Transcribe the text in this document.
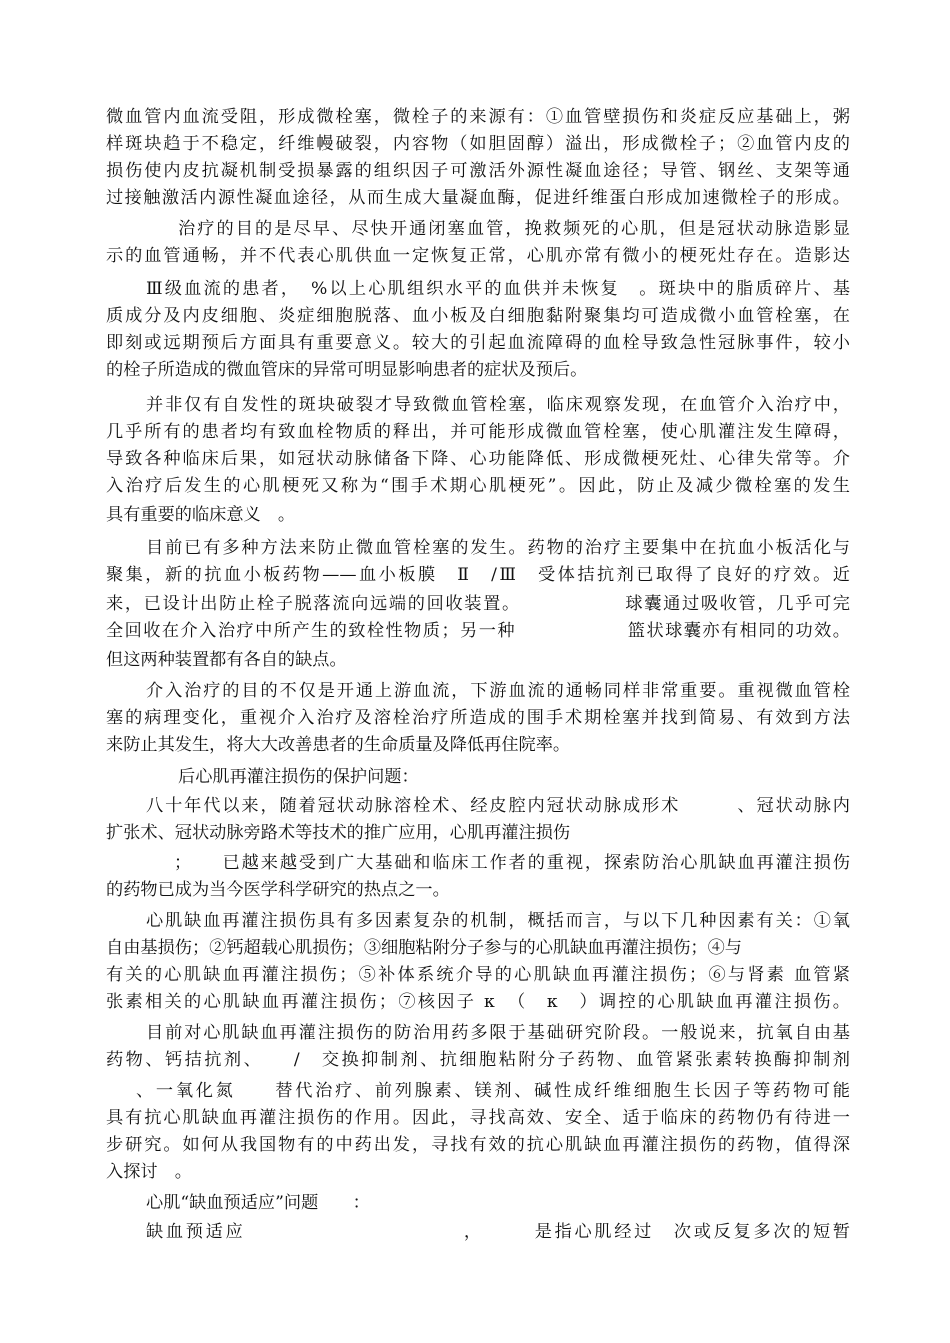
微血管内血流受阻，形成微栓塞，微栓子的来源有：①血管壁损伤和炎症反应基础上，粥
样斑块趋于不稳定，纤维幔破裂，内容物（如胆固醇）溢出，形成微栓子；②血管内皮的
损伤使内皮抗凝机制受损暴露的组织因子可激活外源性凝血途径；导管、钢丝、支架等通
过接触激活内源性凝血途径，从而生成大量凝血酶，促进纤维蛋白形成加速微栓子的形成。
治疗的目的是尽早、尽快开通闭塞血管，挽救频死的心肌，但是冠状动脉造影显
示的血管通畅，并不代表心肌供血一定恢复正常，心肌亦常有微小的梗死灶存在。造影达
Ⅲ级血流的患者，　%以上心肌组织水平的血供并未恢复　。斑块中的脂质碎片、基
质成分及内皮细胞、炎症细胞脱落、血小板及白细胞黏附聚集均可造成微小血管栓塞，在
即刻或远期预后方面具有重要意义。较大的引起血流障碍的血栓导致急性冠脉事件，较小
的栓子所造成的微血管床的异常可明显影响患者的症状及预后。
并非仅有自发性的斑块破裂才导致微血管栓塞，临床观察发现，在血管介入治疗中，
几乎所有的患者均有致血栓物质的释出，并可能形成微血管栓塞，使心肌灌注发生障碍，
导致各种临床后果，如冠状动脉储备下降、心功能降低、形成微梗死灶、心律失常等。介
入治疗后发生的心肌梗死又称为“围手术期心肌梗死”。因此，防止及减少微栓塞的发生
具有重要的临床意义　。
目前已有多种方法来防止微血管栓塞的发生。药物的治疗主要集中在抗血小板活化与
聚集，新的抗血小板药物——血小板膜　Ⅱ　/Ⅲ　受体拮抗剂已取得了良好的疗效。近
来，已设计出防止栓子脱落流向远端的回收装置。　　　　　　球囊通过吸收管，几乎可完
全回收在介入治疗中所产生的致栓性物质；另一种　　　　　　篮状球囊亦有相同的功效。
但这两种装置都有各自的缺点。
介入治疗的目的不仅是开通上游血流，下游血流的通畅同样非常重要。重视微血管栓
塞的病理变化，重视介入治疗及溶栓治疗所造成的围手术期栓塞并找到简易、有效到方法
来防止其发生，将大大改善患者的生命质量及降低再住院率。
后心肌再灌注损伤的保护问题：
八十年代以来，随着冠状动脉溶栓术、经皮腔内冠状动脉成形术　　　、冠状动脉内
扩张术、冠状动脉旁路术等技术的推广应用，心肌再灌注损伤
；　　已越来越受到广大基础和临床工作者的重视，探索防治心肌缺血再灌注损伤
的药物已成为当今医学科学研究的热点之一。
心肌缺血再灌注损伤具有多因素复杂的机制，概括而言，与以下几种因素有关：①氧
自由基损伤；②钙超载心肌损伤；③细胞粘附分子参与的心肌缺血再灌注损伤；④与
有关的心肌缺血再灌注损伤；⑤补体系统介导的心肌缺血再灌注损伤；⑥与肾素 血管紧
张素相关的心肌缺血再灌注损伤；⑦核因子 κ　（　κ　）调控的心肌缺血再灌注损伤。
目前对心肌缺血再灌注损伤的防治用药多限于基础研究阶段。一般说来，抗氧自由基
药物、钙拮抗剂、　　/　交换抑制剂、抗细胞粘附分子药物、血管紧张素转换酶抑制剂
、一氧化氮　　替代治疗、前列腺素、镁剂、碱性成纤维细胞生长因子等药物可能
具有抗心肌缺血再灌注损伤的作用。因此，寻找高效、安全、适于临床的药物仍有待进一
步研究。如何从我国物有的中药出发，寻找有效的抗心肌缺血再灌注损伤的药物，值得深
入探讨　。
心肌“缺血预适应”问题　　：
缺血预适应　　　　　　　　　　　，　　　是指心肌经过　次或反复多次的短暂
